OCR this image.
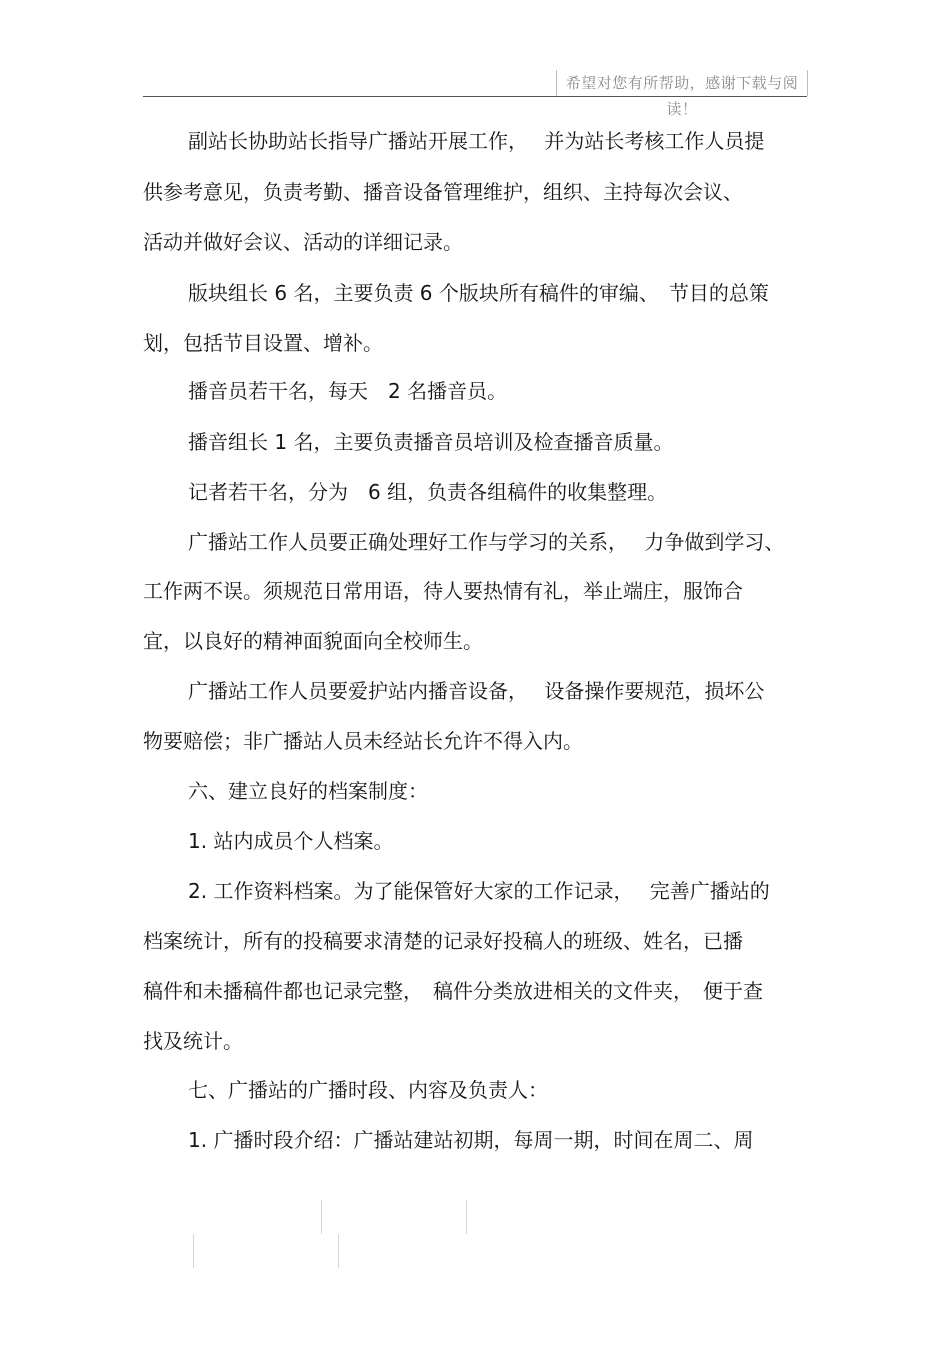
希望对您有所帮助，感谢下载与阅读！
副站长协助站长指导广播站开展工作，　 并为站长考核工作人员提
供参考意见，负责考勤、播音设备管理维护，组织、主持每次会议、
活动并做好会议、活动的详细记录。
版块组长 6 名，主要负责 6 个版块所有稿件的审编、　节目的总策
划，包括节目设置、增补。
播音员若干名，每天　2 名播音员。
播音组长 1 名，主要负责播音员培训及检查播音质量。
记者若干名，分为　6 组，负责各组稿件的收集整理。
广播站工作人员要正确处理好工作与学习的关系，　 力争做到学习、
工作两不误。须规范日常用语，待人要热情有礼，举止端庄，服饰合
宜，以良好的精神面貌面向全校师生。
广播站工作人员要爱护站内播音设备，　 设备操作要规范，损坏公
物要赔偿；非广播站人员未经站长允许不得入内。
六、建立良好的档案制度：
1. 站内成员个人档案。
2. 工作资料档案。为了能保管好大家的工作记录，　 完善广播站的
档案统计，所有的投稿要求清楚的记录好投稿人的班级、姓名，已播
稿件和未播稿件都也记录完整，　稿件分类放进相关的文件夹，　便于查
找及统计。
七、广播站的广播时段、内容及负责人：
1. 广播时段介绍：广播站建站初期，每周一期，时间在周二、周
